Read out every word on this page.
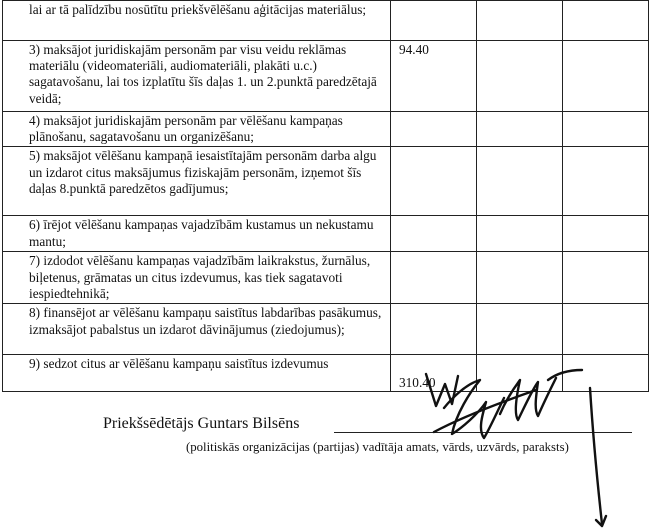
lai ar tā palīdzību nosūtītu priekšvēlēšanu aģitācijas materiālus;			
3) maksājot juridiskajām personām par visu veidu reklāmas materiālu (videomateriāli, audiomateriāli, plakāti u.c.) sagatavošanu, lai tos izplatītu šīs daļas 1. un 2.punktā paredzētajā veidā;	94.40		
4) maksājot juridiskajām personām par vēlēšanu kampaņas plānošanu, sagatavošanu un organizēšanu;			
5) maksājot vēlēšanu kampaņā iesaistītajām personām darba algu un izdarot citus maksājumus fiziskajām personām, izņemot šīs daļas 8.punktā paredzētos gadījumus;			
6) īrējot vēlēšanu kampaņas vajadzībām kustamus un nekustamu mantu;			
7) izdodot vēlēšanu kampaņas vajadzībām laikrakstus, žurnālus, biļetenus, grāmatas un citus izdevumus, kas tiek sagatavoti iespiedtehnikā;			
8) finansējot ar vēlēšanu kampaņu saistītus labdarības pasākumus, izmaksājot pabalstus un izdarot dāvinājumus (ziedojumus);			
9) sedzot citus ar vēlēšanu kampaņu saistītus izdevumus	310.40		
Priekšsēdētājs Guntars Bilsēns
(politiskās organizācijas (partijas) vadītāja amats, vārds, uzvārds, paraksts)
